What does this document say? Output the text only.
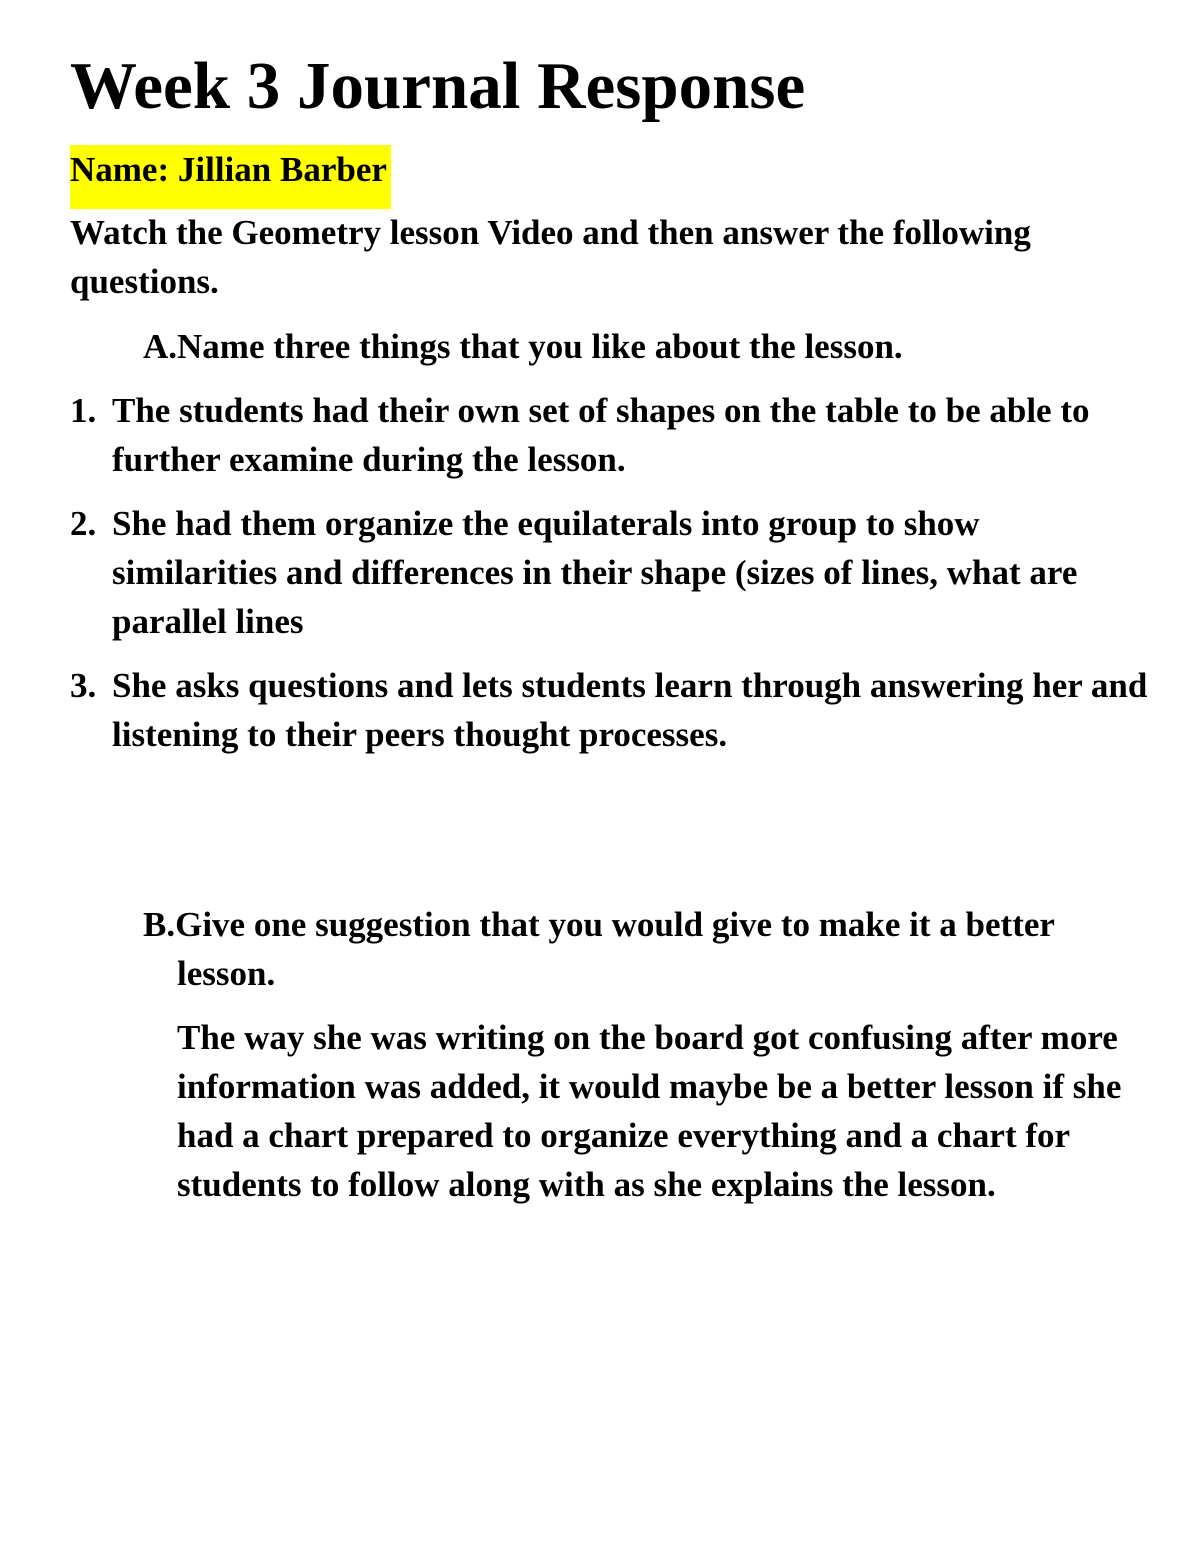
Week 3 Journal Response
Name: Jillian Barber

Watch the Geometry lesson Video and then answer the following questions.

A.Name three things that you like about the lesson.

1. The students had their own set of shapes on the table to be able to further examine during the lesson.
2. She had them organize the equilaterals into group to show similarities and differences in their shape (sizes of lines, what are parallel lines
3. She asks questions and lets students learn through answering her and listening to their peers thought processes.

B.Give one suggestion that you would give to make it a better lesson.

The way she was writing on the board got confusing after more information was added, it would maybe be a better lesson if she had a chart prepared to organize everything and a chart for students to follow along with as she explains the lesson.
